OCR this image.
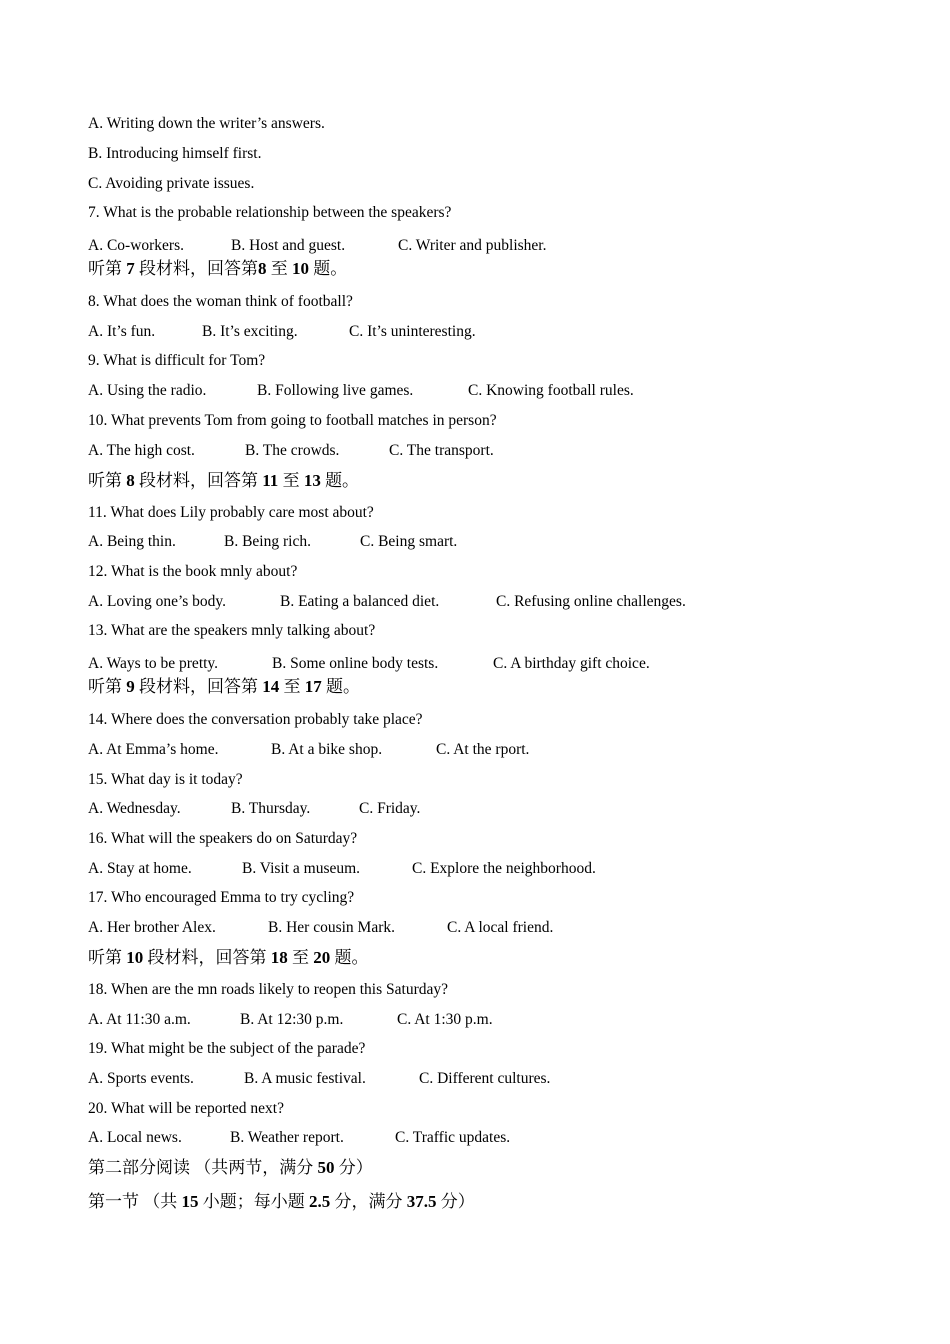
A. Writing down the writer’s answers.
B. Introducing himself first.
C. Avoiding private issues.
7. What is the probable relationship between the speakers?
A. Co-workers.	B. Host and guest.	C. Writer and publisher.
听第 7 段材料，回答第8 至 10 题。
8. What does the woman think of football?
A. It’s fun.	B. It’s exciting.	C. It’s uninteresting.
9. What is difficult for Tom?
A. Using the radio.	B. Following live games.	C. Knowing football rules.
10. What prevents Tom from going to football matches in person?
A. The high cost.	B. The crowds.	C. The transport.
听第 8 段材料，回答第 11 至 13 题。
11. What does Lily probably care most about?
A. Being thin.	B. Being rich.	C. Being smart.
12. What is the book mnly about?
A. Loving one’s body.	B. Eating a balanced diet.	C. Refusing online challenges.
13. What are the speakers mnly talking about?
A. Ways to be pretty.	B. Some online body tests.	C. A birthday gift choice.
听第 9 段材料，回答第 14 至 17 题。
14. Where does the conversation probably take place?
A. At Emma’s home.	B. At a bike shop.	C. At the rport.
15. What day is it today?
A. Wednesday.	B. Thursday.	C. Friday.
16. What will the speakers do on Saturday?
A. Stay at home.	B. Visit a museum.	C. Explore the neighborhood.
17. Who encouraged Emma to try cycling?
A. Her brother Alex.	B. Her cousin Mark.	C. A local friend.
听第 10 段材料，回答第 18 至 20 题。
18. When are the mn roads likely to reopen this Saturday?
A. At 11:30 a.m.	B. At 12:30 p.m.	C. At 1:30 p.m.
19. What might be the subject of the parade?
A. Sports events.	B. A music festival.	C. Different cultures.
20. What will be reported next?
A. Local news.	B. Weather report.	C. Traffic updates.
第二部分阅读 （共两节，满分 50 分）
第一节 （共 15 小题；每小题 2.5 分，满分 37.5 分）
